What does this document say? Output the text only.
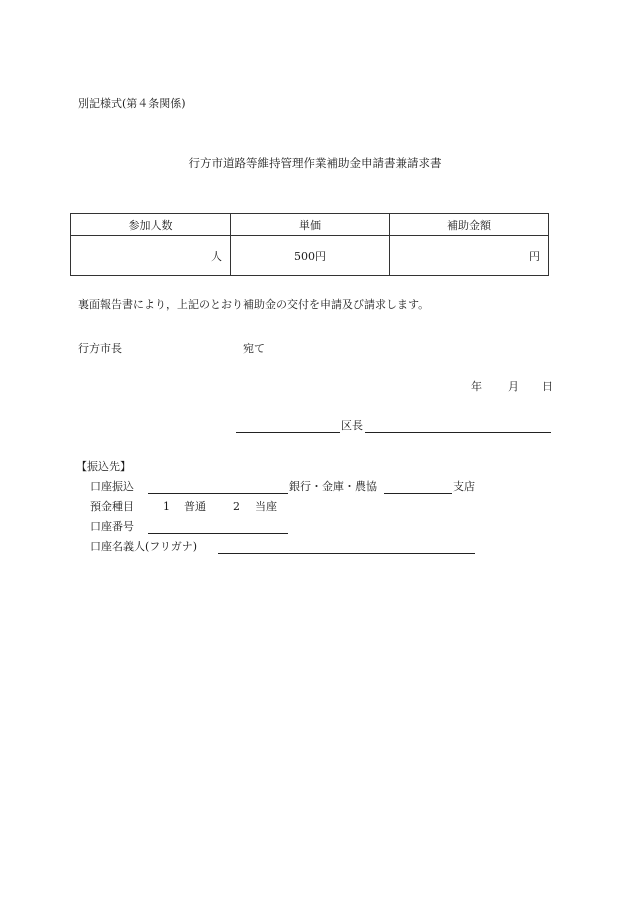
別記様式(第４条関係)
行方市道路等維持管理作業補助金申請書兼請求書
参加人数	単価	補助金額
人	500円	円
裏面報告書により，上記のとおり補助金の交付を申請及び請求します。
行方市長	宛て
年 月 日
区長
【振込先】
口座振込	銀行・金庫・農協	支店
預金種目	1 普通 2 当座
口座番号
口座名義人(フリガナ)
